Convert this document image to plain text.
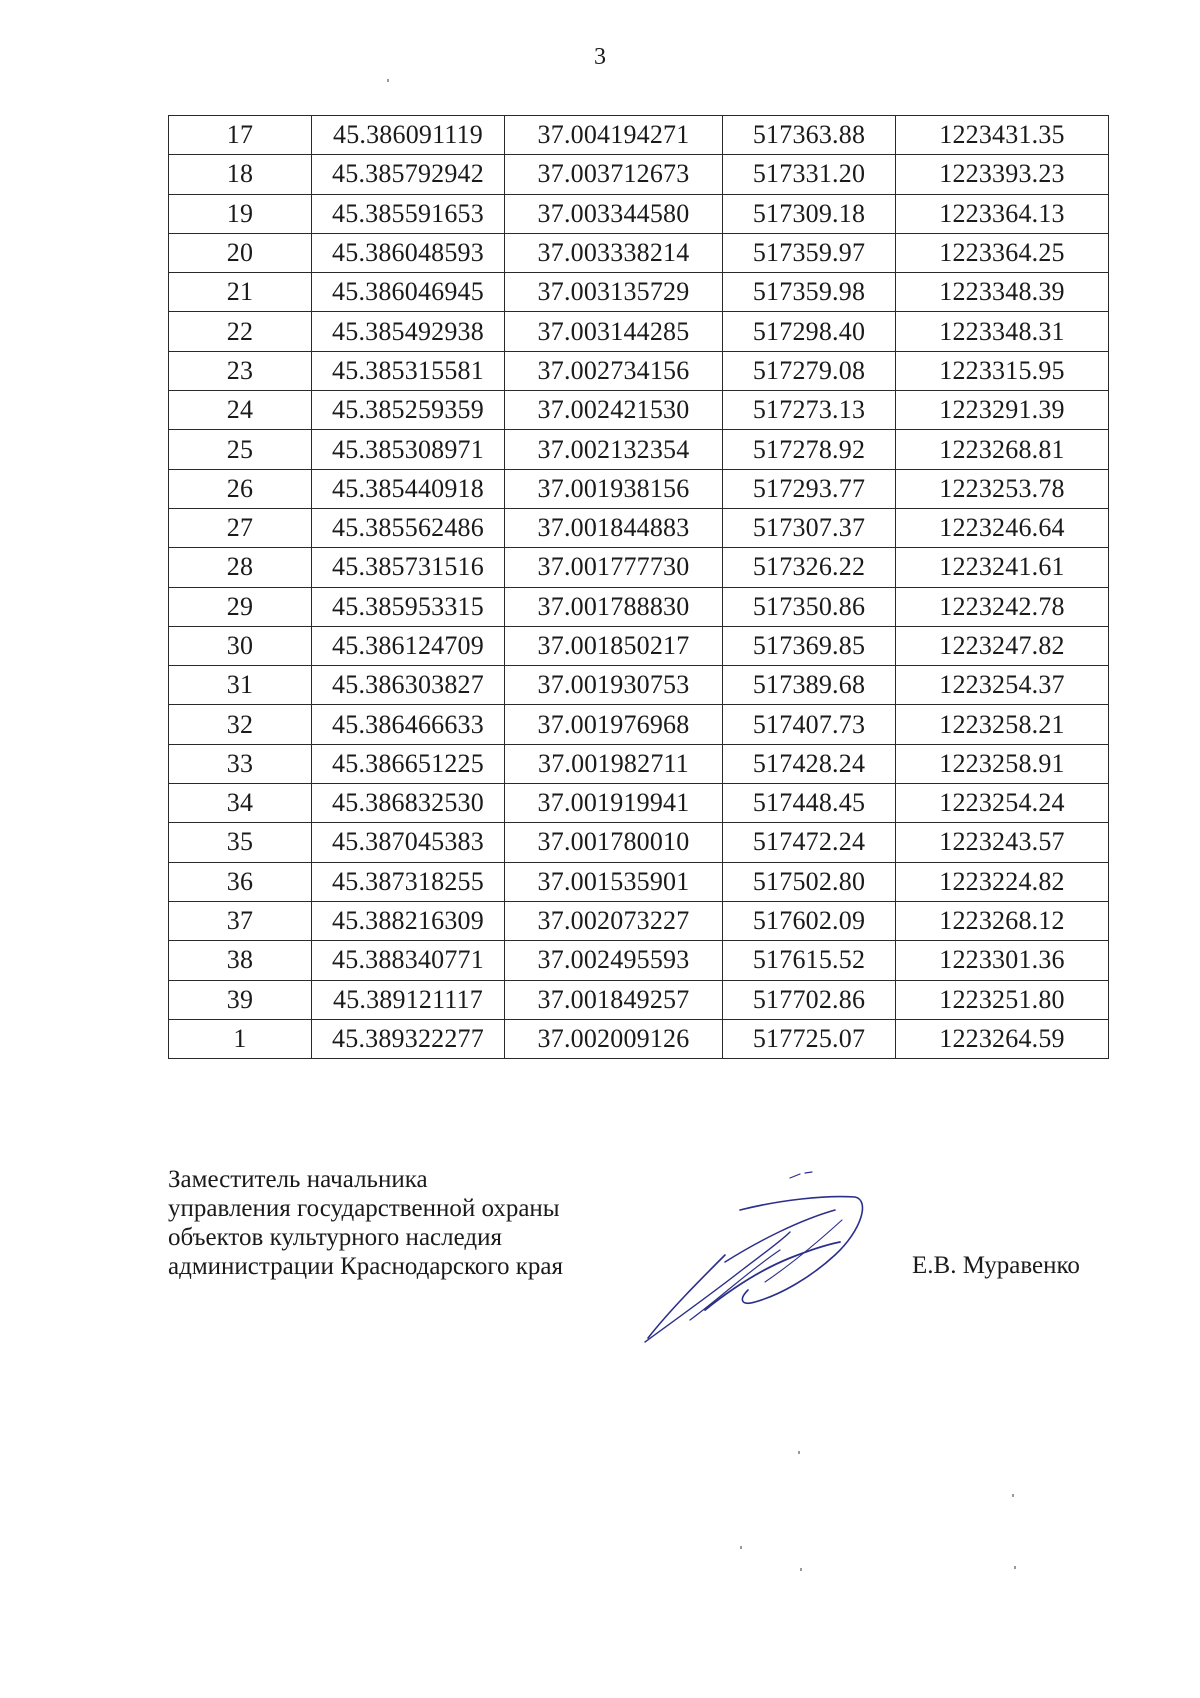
3
17	45.386091119	37.004194271	517363.88	1223431.35
18	45.385792942	37.003712673	517331.20	1223393.23
19	45.385591653	37.003344580	517309.18	1223364.13
20	45.386048593	37.003338214	517359.97	1223364.25
21	45.386046945	37.003135729	517359.98	1223348.39
22	45.385492938	37.003144285	517298.40	1223348.31
23	45.385315581	37.002734156	517279.08	1223315.95
24	45.385259359	37.002421530	517273.13	1223291.39
25	45.385308971	37.002132354	517278.92	1223268.81
26	45.385440918	37.001938156	517293.77	1223253.78
27	45.385562486	37.001844883	517307.37	1223246.64
28	45.385731516	37.001777730	517326.22	1223241.61
29	45.385953315	37.001788830	517350.86	1223242.78
30	45.386124709	37.001850217	517369.85	1223247.82
31	45.386303827	37.001930753	517389.68	1223254.37
32	45.386466633	37.001976968	517407.73	1223258.21
33	45.386651225	37.001982711	517428.24	1223258.91
34	45.386832530	37.001919941	517448.45	1223254.24
35	45.387045383	37.001780010	517472.24	1223243.57
36	45.387318255	37.001535901	517502.80	1223224.82
37	45.388216309	37.002073227	517602.09	1223268.12
38	45.388340771	37.002495593	517615.52	1223301.36
39	45.389121117	37.001849257	517702.86	1223251.80
1	45.389322277	37.002009126	517725.07	1223264.59
Заместитель начальника
управления государственной охраны
объектов культурного наследия
администрации Краснодарского края	Е.В. Муравенко
